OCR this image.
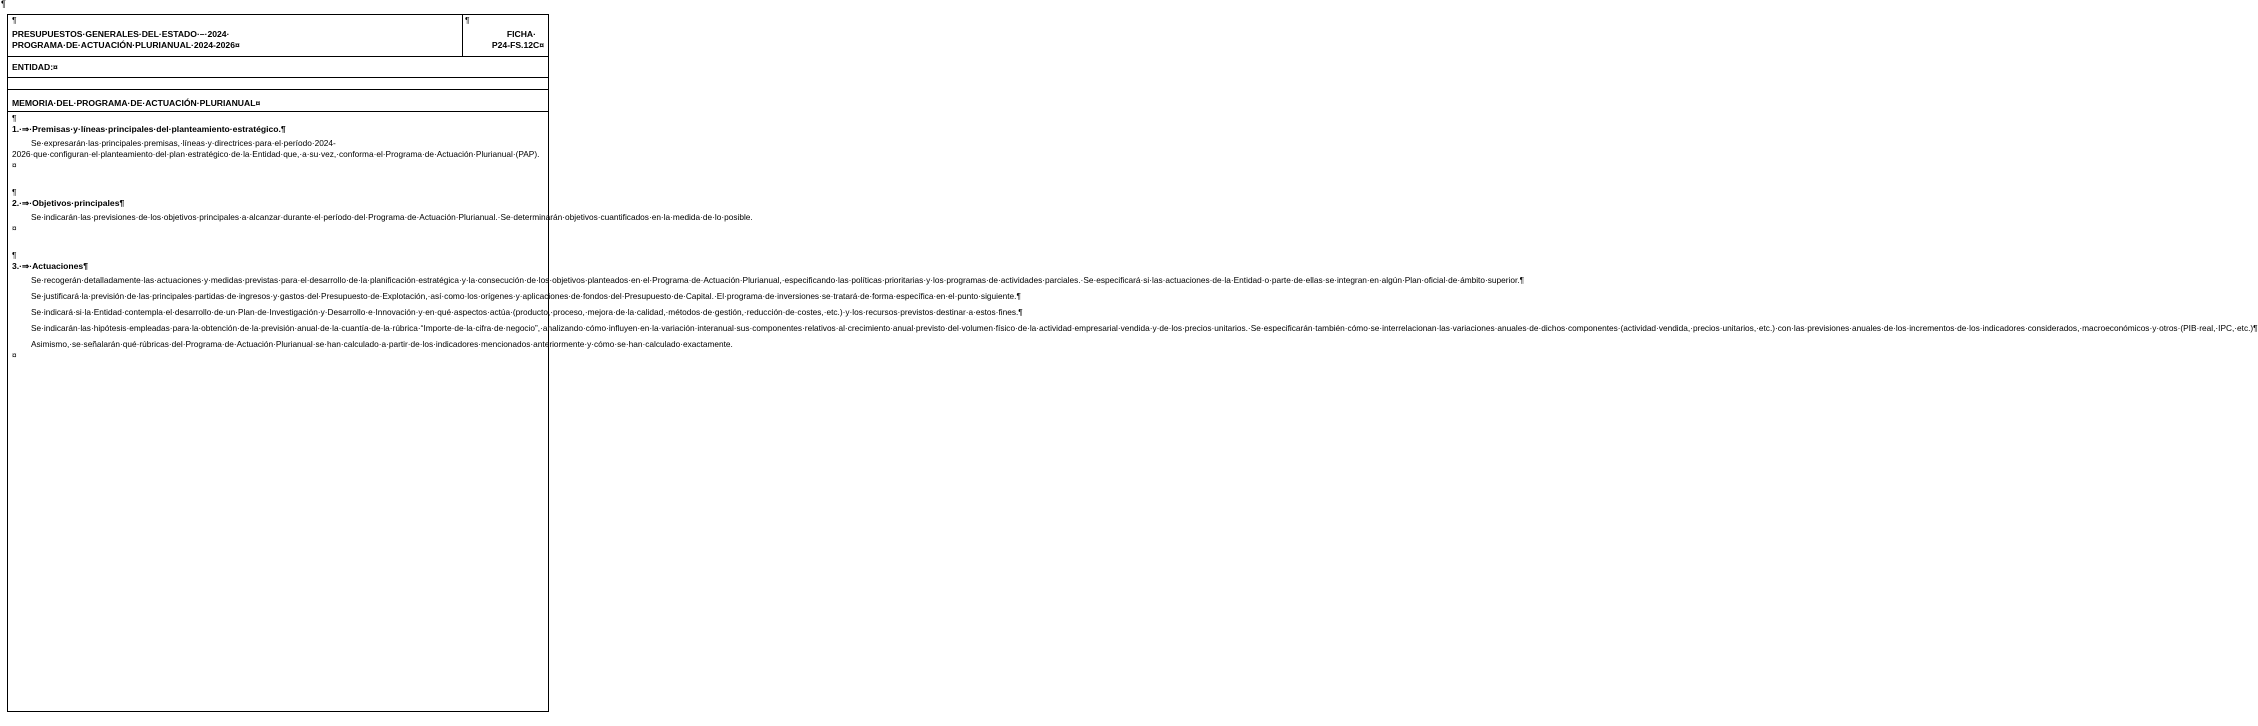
¶
¶
PRESUPUESTOS·GENERALES·DEL·ESTADO·–·2024·
PROGRAMA·DE·ACTUACIÓN·PLURIANUAL·2024-2026¤
¶
FICHA·
P24-FS.12C¤
ENTIDAD:¤
MEMORIA·DEL·PROGRAMA·DE·ACTUACIÓN·PLURIANUAL¤
¶
1.·⇒·Premisas·y·líneas·principales·del·planteamiento·estratégico.¶

Se·expresarán·las·principales·premisas,·líneas·y·directrices·para·el·período·2024-2026·que·configuran·el·planteamiento·del·plan·estratégico·de·la·Entidad·que,·a·su·vez,·conforma·el·Programa·de·Actuación·Plurianual·(PAP).¤

¶
2.·⇒·Objetivos·principales¶

Se·indicarán·las·previsiones·de·los·objetivos·principales·a·alcanzar·durante·el·período·del·Programa·de·Actuación·Plurianual.·Se·determinarán·objetivos·cuantificados·en·la·medida·de·lo·posible.¤

¶
3.·⇒·Actuaciones¶

Se·recogerán·detalladamente·las·actuaciones·y·medidas·previstas·para·el·desarrollo·de·la·planificación·estratégica·y·la·consecución·de·los·objetivos·planteados·en·el·Programa·de·Actuación·Plurianual,·especificando·las·políticas·prioritarias·y·los·programas·de·actividades·parciales.·Se·especificará·si·las·actuaciones·de·la·Entidad·o·parte·de·ellas·se·integran·en·algún·Plan·oficial·de·ámbito·superior.¶

Se·justificará·la·previsión·de·las·principales·partidas·de·ingresos·y·gastos·del·Presupuesto·de·Explotación,·así·como·los·orígenes·y·aplicaciones·de·fondos·del·Presupuesto·de·Capital.·El·programa·de·inversiones·se·tratará·de·forma·específica·en·el·punto·siguiente.¶

Se·indicará·si·la·Entidad·contempla·el·desarrollo·de·un·Plan·de·Investigación·y·Desarrollo·e·Innovación·y·en·qué·aspectos·actúa·(producto,·proceso,·mejora·de·la·calidad,·métodos·de·gestión,·reducción·de·costes,·etc.)·y·los·recursos·previstos·destinar·a·estos·fines.¶

Se·indicarán·las·hipótesis·empleadas·para·la·obtención·de·la·previsión·anual·de·la·cuantía·de·la·rúbrica·“Importe·de·la·cifra·de·negocio”,·analizando·cómo·influyen·en·la·variación·interanual·sus·componentes·relativos·al·crecimiento·anual·previsto·del·volumen·físico·de·la·actividad·empresarial·vendida·y·de·los·precios·unitarios.·Se·especificarán·también·cómo·se·interrelacionan·las·variaciones·anuales·de·dichos·componentes·(actividad·vendida,·precios·unitarios,·etc.)·con·las·previsiones·anuales·de·los·incrementos·de·los·indicadores·considerados,·macroeconómicos·y·otros·(PIB·real,·IPC,·etc.)¶

Asimismo,·se·señalarán·qué·rúbricas·del·Programa·de·Actuación·Plurianual·se·han·calculado·a·partir·de·los·indicadores·mencionados·anteriormente·y·cómo·se·han·calculado·exactamente.¤
